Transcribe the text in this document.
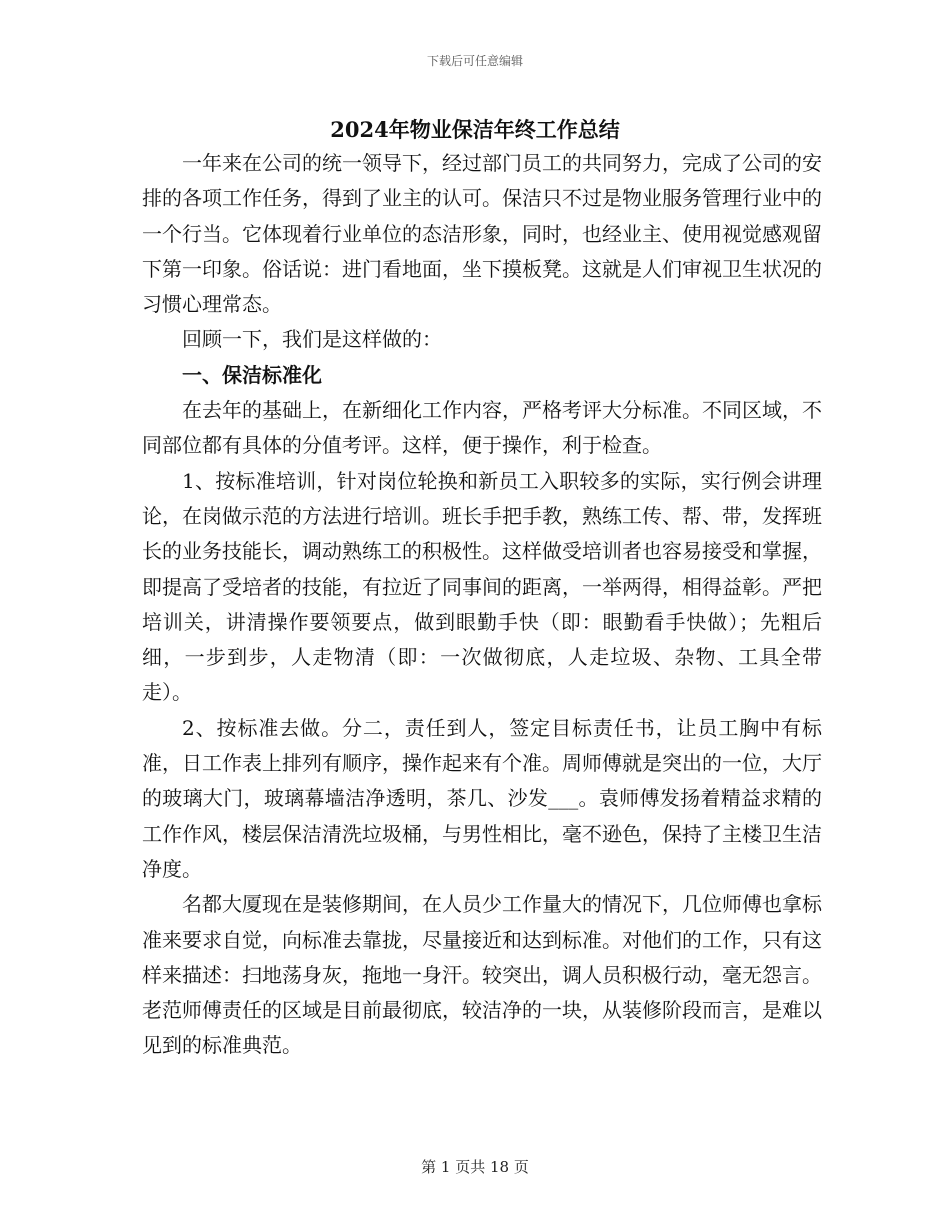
下载后可任意编辑
2024年物业保洁年终工作总结

一年来在公司的统一领导下，经过部门员工的共同努力，完成了公司的安排的各项工作任务，得到了业主的认可。保洁只不过是物业服务管理行业中的一个行当。它体现着行业单位的态洁形象，同时，也经业主、使用视觉感观留下第一印象。俗话说：进门看地面，坐下摸板凳。这就是人们审视卫生状况的习惯心理常态。

回顾一下，我们是这样做的：

一、保洁标准化

在去年的基础上，在新细化工作内容，严格考评大分标准。不同区域，不同部位都有具体的分值考评。这样，便于操作，利于检查。

1、按标准培训，针对岗位轮换和新员工入职较多的实际，实行例会讲理论，在岗做示范的方法进行培训。班长手把手教，熟练工传、帮、带，发挥班长的业务技能长，调动熟练工的积极性。这样做受培训者也容易接受和掌握，即提高了受培者的技能，有拉近了同事间的距离，一举两得，相得益彰。严把培训关，讲清操作要领要点，做到眼勤手快（即：眼勤看手快做）；先粗后细，一步到步，人走物清（即：一次做彻底，人走垃圾、杂物、工具全带走）。

2、按标准去做。分二，责任到人，签定目标责任书，让员工胸中有标准，日工作表上排列有顺序，操作起来有个准。周师傅就是突出的一位，大厅的玻璃大门，玻璃幕墙洁净透明，茶几、沙发___。袁师傅发扬着精益求精的工作作风，楼层保洁清洗垃圾桶，与男性相比，毫不逊色，保持了主楼卫生洁净度。

名都大厦现在是装修期间，在人员少工作量大的情况下，几位师傅也拿标准来要求自觉，向标准去靠拢，尽量接近和达到标准。对他们的工作，只有这样来描述：扫地荡身灰，拖地一身汗。较突出，调人员积极行动，毫无怨言。老范师傅责任的区域是目前最彻底，较洁净的一块，从装修阶段而言，是难以见到的标准典范。

第 1 页共 18 页
